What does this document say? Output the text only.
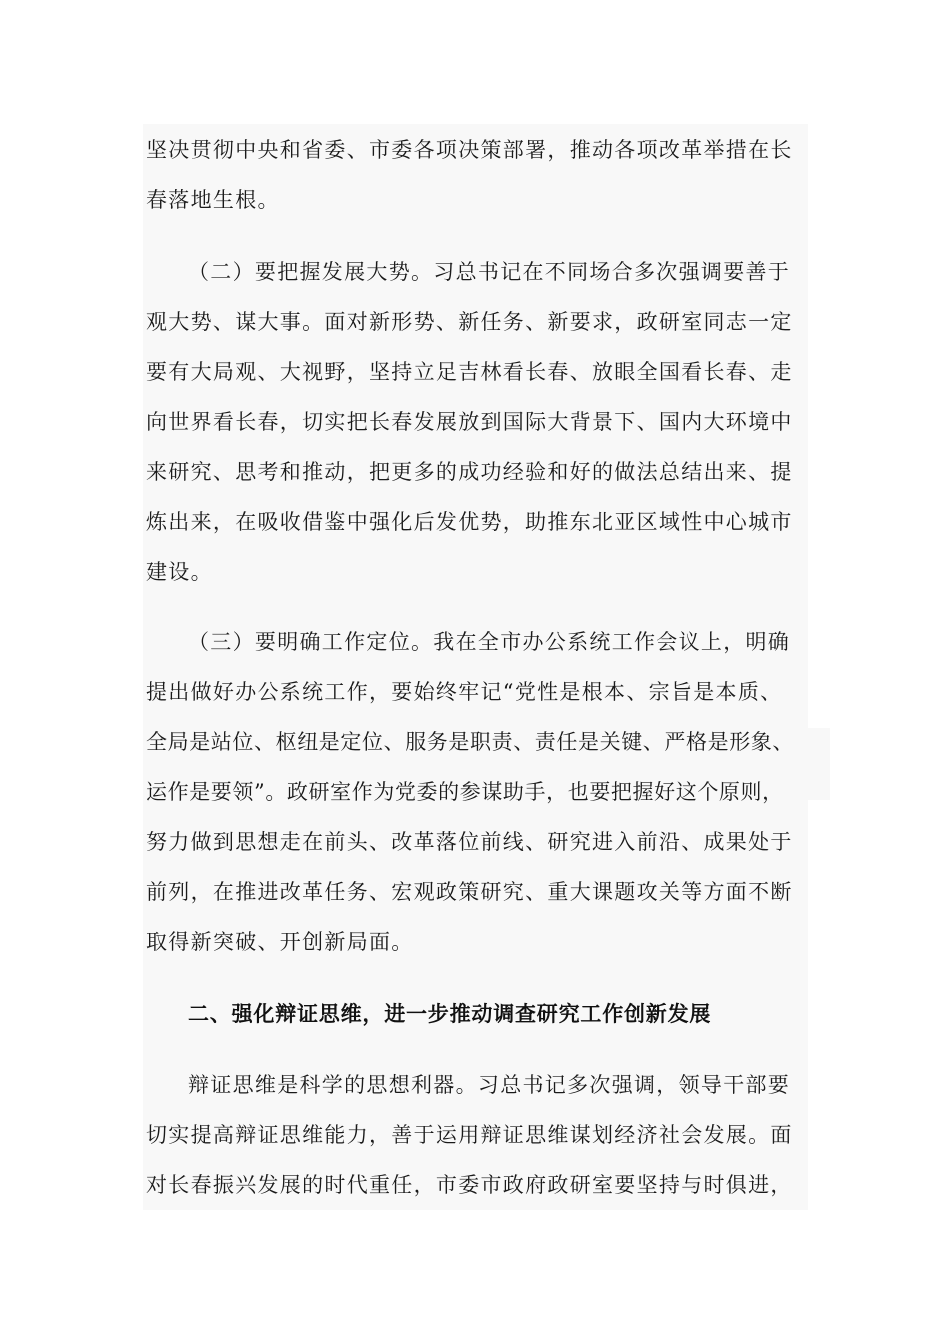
坚决贯彻中央和省委、市委各项决策部署，推动各项改革举措在长

春落地生根。

（二）要把握发展大势。习总书记在不同场合多次强调要善于

观大势、谋大事。面对新形势、新任务、新要求，政研室同志一定

要有大局观、大视野，坚持立足吉林看长春、放眼全国看长春、走

向世界看长春，切实把长春发展放到国际大背景下、国内大环境中

来研究、思考和推动，把更多的成功经验和好的做法总结出来、提

炼出来，在吸收借鉴中强化后发优势，助推东北亚区域性中心城市

建设。

（三）要明确工作定位。我在全市办公系统工作会议上，明确

提出做好办公系统工作，要始终牢记“党性是根本、宗旨是本质、

全局是站位、枢纽是定位、服务是职责、责任是关键、严格是形象、

运作是要领”。政研室作为党委的参谋助手，也要把握好这个原则，

努力做到思想走在前头、改革落位前线、研究进入前沿、成果处于

前列，在推进改革任务、宏观政策研究、重大课题攻关等方面不断

取得新突破、开创新局面。

二、强化辩证思维，进一步推动调查研究工作创新发展

辩证思维是科学的思想利器。习总书记多次强调，领导干部要

切实提高辩证思维能力，善于运用辩证思维谋划经济社会发展。面

对长春振兴发展的时代重任，市委市政府政研室要坚持与时俱进，
